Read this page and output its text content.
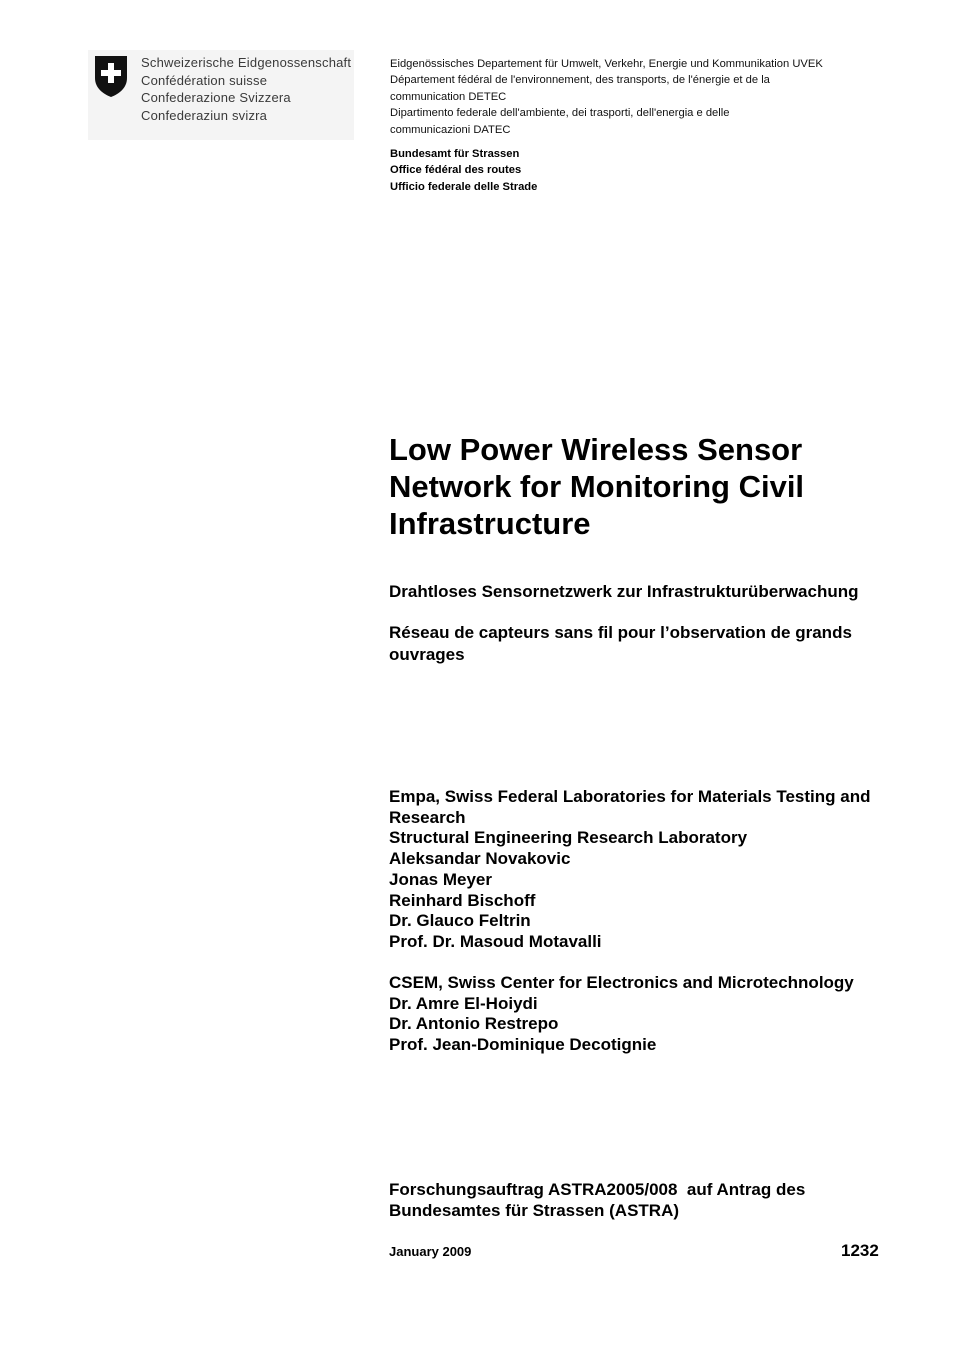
Schweizerische Eidgenossenschaft
Confédération suisse
Confederazione Svizzera
Confederaziun svizra
Eidgenössisches Departement für Umwelt, Verkehr, Energie und Kommunikation UVEK
Département fédéral de l'environnement, des transports, de l'énergie et de la
communication DETEC
Dipartimento federale dell'ambiente, dei trasporti, dell'energia e delle
communicazioni DATEC
Bundesamt für Strassen
Office fédéral des routes
Ufficio federale delle Strade
Low Power Wireless Sensor
Network for Monitoring Civil
Infrastructure
Drahtloses Sensornetzwerk zur Infrastrukturüberwachung
Réseau de capteurs sans fil pour l’observation de grands
ouvrages
Empa, Swiss Federal Laboratories for Materials Testing and
Research
Structural Engineering Research Laboratory
Aleksandar Novakovic
Jonas Meyer
Reinhard Bischoff
Dr. Glauco Feltrin
Prof. Dr. Masoud Motavalli
CSEM, Swiss Center for Electronics and Microtechnology
Dr. Amre El-Hoiydi
Dr. Antonio Restrepo
Prof. Jean-Dominique Decotignie
Forschungsauftrag ASTRA2005/008  auf Antrag des
Bundesamtes für Strassen (ASTRA)
January 2009	1232
